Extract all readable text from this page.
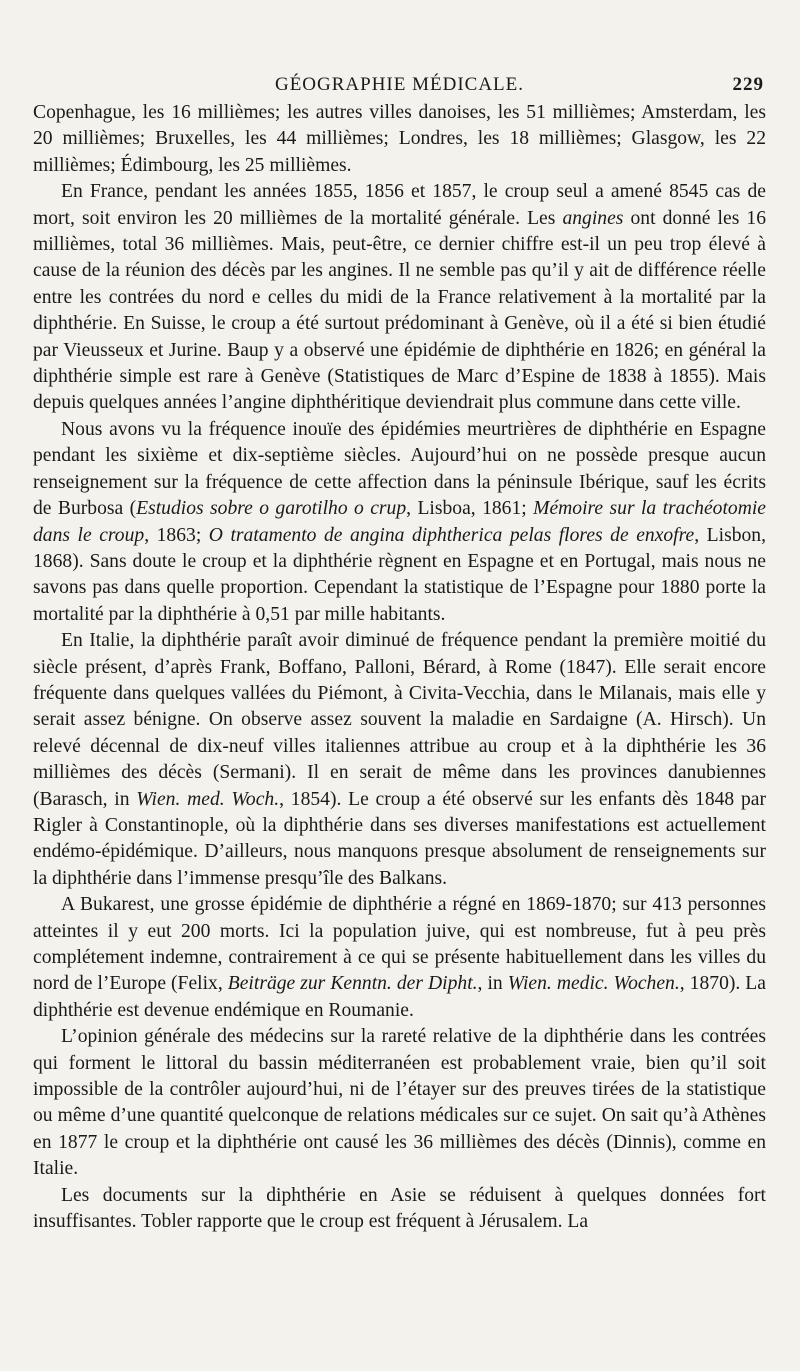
GÉOGRAPHIE MÉDICALE.	229

Copenhague, les 16 millièmes; les autres villes danoises, les 51 millièmes; Amsterdam, les 20 millièmes; Bruxelles, les 44 millièmes; Londres, les 18 millièmes; Glasgow, les 22 millièmes; Édimbourg, les 25 millièmes.

En France, pendant les années 1855, 1856 et 1857, le croup seul a amené 8545 cas de mort, soit environ les 20 millièmes de la mortalité générale. Les angines ont donné les 16 millièmes, total 36 millièmes. Mais, peut-être, ce dernier chiffre est-il un peu trop élevé à cause de la réunion des décès par les angines. Il ne semble pas qu’il y ait de différence réelle entre les contrées du nord e celles du midi de la France relativement à la mortalité par la diphthérie. En Suisse, le croup a été surtout prédominant à Genève, où il a été si bien étudié par Vieusseux et Jurine. Baup y a observé une épidémie de diphthérie en 1826; en général la diphthérie simple est rare à Genève (Statistiques de Marc d’Espine de 1838 à 1855). Mais depuis quelques années l’angine diphthéritique deviendrait plus commune dans cette ville.

Nous avons vu la fréquence inouïe des épidémies meurtrières de diphthérie en Espagne pendant les sixième et dix-septième siècles. Aujourd’hui on ne possède presque aucun renseignement sur la fréquence de cette affection dans la péninsule Ibérique, sauf les écrits de Burbosa (Estudios sobre o garotilho o crup, Lisboa, 1861; Mémoire sur la trachéotomie dans le croup, 1863; O tratamento de angina diphtherica pelas flores de enxofre, Lisbon, 1868). Sans doute le croup et la diphthérie règnent en Espagne et en Portugal, mais nous ne savons pas dans quelle proportion. Cependant la statistique de l’Espagne pour 1880 porte la mortalité par la diphthérie à 0,51 par mille habitants.

En Italie, la diphthérie paraît avoir diminué de fréquence pendant la première moitié du siècle présent, d’après Frank, Boffano, Palloni, Bérard, à Rome (1847). Elle serait encore fréquente dans quelques vallées du Piémont, à Civita-Vecchia, dans le Milanais, mais elle y serait assez bénigne. On observe assez souvent la maladie en Sardaigne (A. Hirsch). Un relevé décennal de dix-neuf villes italiennes attribue au croup et à la diphthérie les 36 millièmes des décès (Sermani). Il en serait de même dans les provinces danubiennes (Barasch, in Wien. med. Woch., 1854). Le croup a été observé sur les enfants dès 1848 par Rigler à Constantinople, où la diphthérie dans ses diverses manifestations est actuellement endémo-épidémique. D’ailleurs, nous manquons presque absolument de renseignements sur la diphthérie dans l’immense presqu’île des Balkans.

A Bukarest, une grosse épidémie de diphthérie a régné en 1869-1870; sur 413 personnes atteintes il y eut 200 morts. Ici la population juive, qui est nombreuse, fut à peu près complétement indemne, contrairement à ce qui se présente habituellement dans les villes du nord de l’Europe (Felix, Beiträge zur Kenntn. der Dipht., in Wien. medic. Wochen., 1870). La diphthérie est devenue endémique en Roumanie.

L’opinion générale des médecins sur la rareté relative de la diphthérie dans les contrées qui forment le littoral du bassin méditerranéen est probablement vraie, bien qu’il soit impossible de la contrôler aujourd’hui, ni de l’étayer sur des preuves tirées de la statistique ou même d’une quantité quelconque de relations médicales sur ce sujet. On sait qu’à Athènes en 1877 le croup et la diphthérie ont causé les 36 millièmes des décès (Dinnis), comme en Italie.

Les documents sur la diphthérie en Asie se réduisent à quelques données fort insuffisantes. Tobler rapporte que le croup est fréquent à Jérusalem. La
